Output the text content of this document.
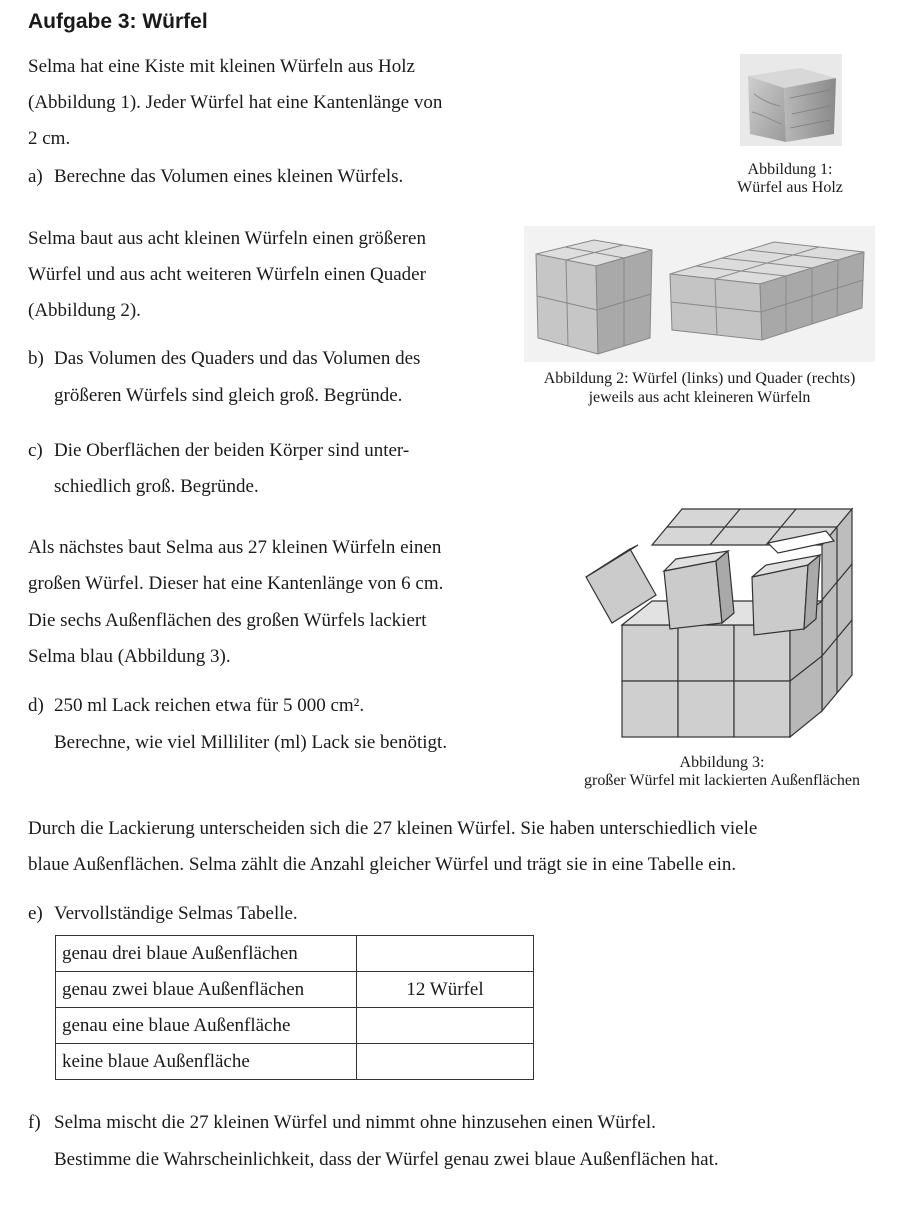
Aufgabe 3: Würfel
Selma hat eine Kiste mit kleinen Würfeln aus Holz
(Abbildung 1). Jeder Würfel hat eine Kantenlänge von
2 cm.
a) Berechne das Volumen eines kleinen Würfels.	Abbildung 1:
Würfel aus Holz
Selma baut aus acht kleinen Würfeln einen größeren
Würfel und aus acht weiteren Würfeln einen Quader
(Abbildung 2).
b) Das Volumen des Quaders und das Volumen des
größeren Würfels sind gleich groß. Begründe.
Abbildung 2: Würfel (links) und Quader (rechts)
jeweils aus acht kleineren Würfeln
c) Die Oberflächen der beiden Körper sind unter-
schiedlich groß. Begründe.
Als nächstes baut Selma aus 27 kleinen Würfeln einen
großen Würfel. Dieser hat eine Kantenlänge von 6 cm.
Die sechs Außenflächen des großen Würfels lackiert
Selma blau (Abbildung 3).
d) 250 ml Lack reichen etwa für 5 000 cm².
Berechne, wie viel Milliliter (ml) Lack sie benötigt.
Abbildung 3:
großer Würfel mit lackierten Außenflächen
Durch die Lackierung unterscheiden sich die 27 kleinen Würfel. Sie haben unterschiedlich viele
blaue Außenflächen. Selma zählt die Anzahl gleicher Würfel und trägt sie in eine Tabelle ein.
e) Vervollständige Selmas Tabelle.
genau drei blaue Außenflächen	
genau zwei blaue Außenflächen	12 Würfel
genau eine blaue Außenfläche	
keine blaue Außenfläche	
f) Selma mischt die 27 kleinen Würfel und nimmt ohne hinzusehen einen Würfel.
Bestimme die Wahrscheinlichkeit, dass der Würfel genau zwei blaue Außenflächen hat.
